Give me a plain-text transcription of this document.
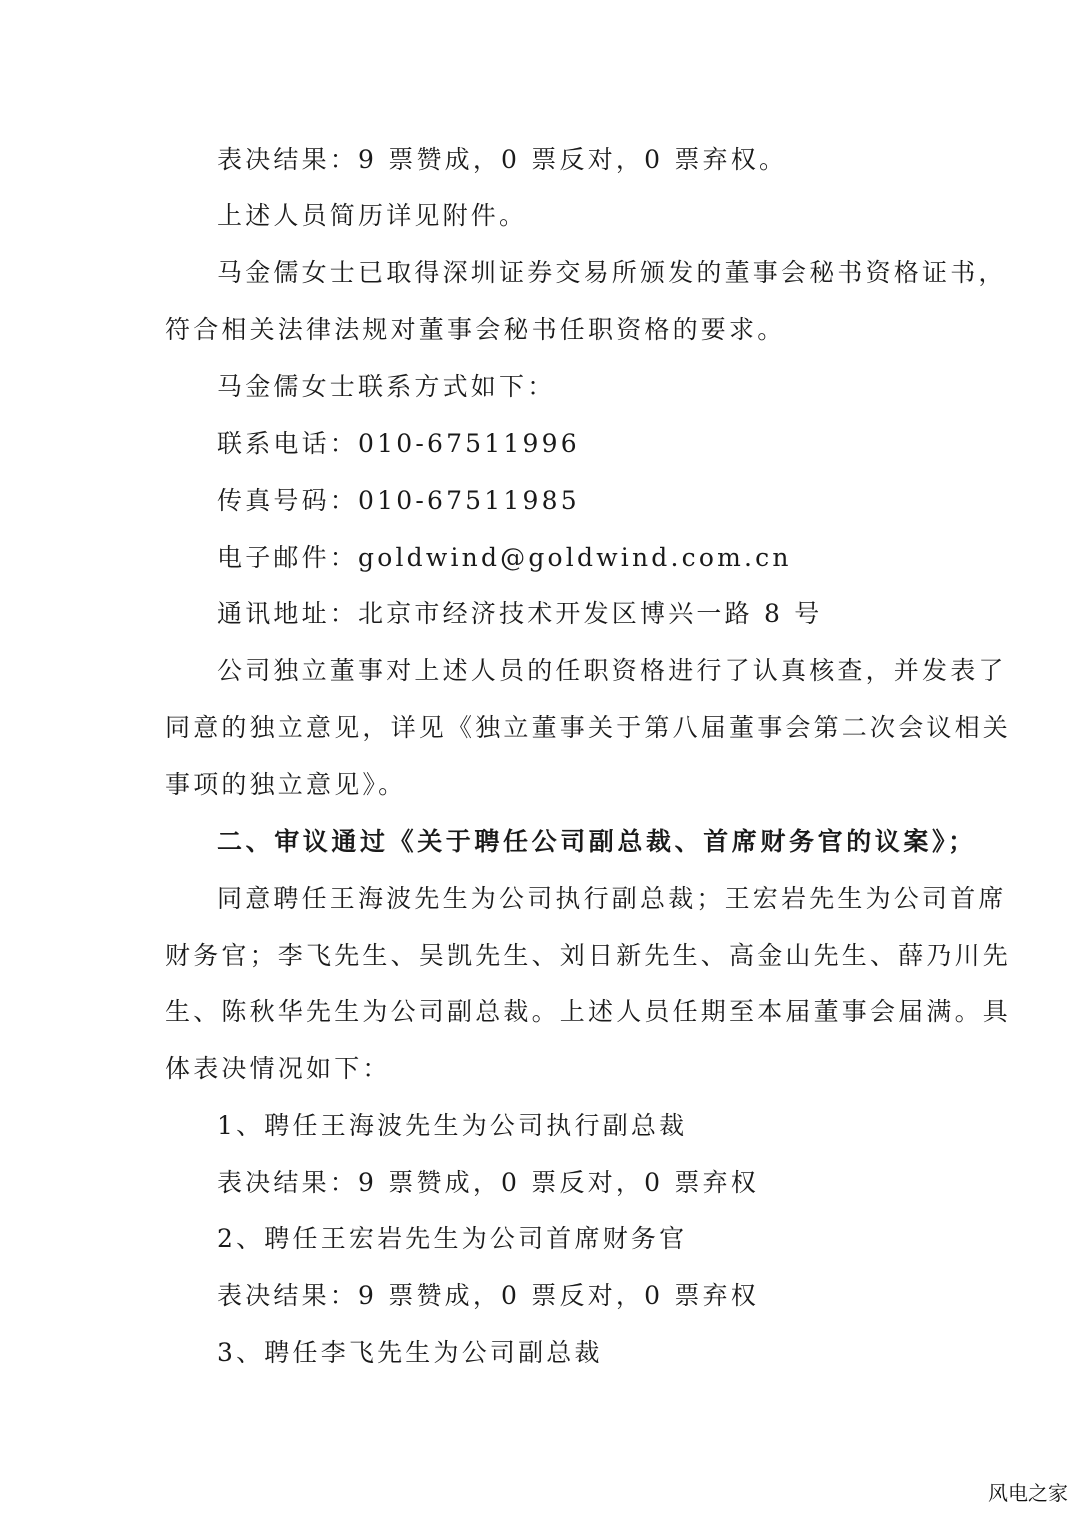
表决结果：9 票赞成，0 票反对，0 票弃权。
上述人员简历详见附件。
马金儒女士已取得深圳证券交易所颁发的董事会秘书资格证书，
符合相关法律法规对董事会秘书任职资格的要求。
马金儒女士联系方式如下：
联系电话：010-67511996
传真号码：010-67511985
电子邮件：goldwind@goldwind.com.cn
通讯地址：北京市经济技术开发区博兴一路 8 号
公司独立董事对上述人员的任职资格进行了认真核查，并发表了
同意的独立意见，详见《独立董事关于第八届董事会第二次会议相关
事项的独立意见》。
二、审议通过《关于聘任公司副总裁、首席财务官的议案》；
同意聘任王海波先生为公司执行副总裁；王宏岩先生为公司首席
财务官；李飞先生、吴凯先生、刘日新先生、高金山先生、薛乃川先
生、陈秋华先生为公司副总裁。上述人员任期至本届董事会届满。具
体表决情况如下：
1、聘任王海波先生为公司执行副总裁
表决结果：9 票赞成，0 票反对，0 票弃权
2、聘任王宏岩先生为公司首席财务官
表决结果：9 票赞成，0 票反对，0 票弃权
3、聘任李飞先生为公司副总裁
风电之家
